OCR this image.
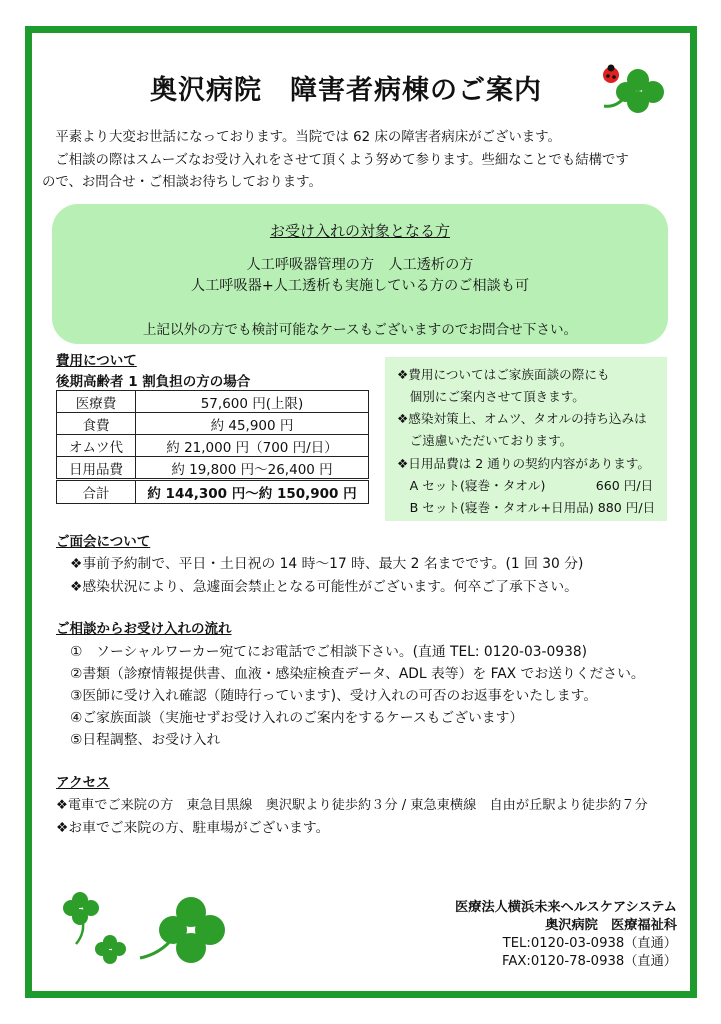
奥沢病院　障害者病棟のご案内
　平素より大変お世話になっております。当院では 62 床の障害者病床がございます。
　ご相談の際はスムーズなお受け入れをさせて頂くよう努めて参ります。些細なことでも結構です
ので、お問合せ・ご相談お待ちしております。
お受け入れの対象となる方
人工呼吸器管理の方　人工透析の方
人工呼吸器+人工透析も実施している方のご相談も可
上記以外の方でも検討可能なケースもございますのでお問合せ下さい。
費用について
後期高齢者 1 割負担の方の場合
医療費	57,600 円(上限)
食費	約 45,900 円
オムツ代	約 21,000 円（700 円/日）
日用品費	約 19,800 円〜26,400 円
合計	約 144,300 円〜約 150,900 円
❖費用についてはご家族面談の際にも
　個別にご案内させて頂きます。
❖感染対策上、オムツ、タオルの持ち込みは
　ご遠慮いただいております。
❖日用品費は 2 通りの契約内容があります。
　A セット(寝巻・タオル)　　　　660 円/日
　B セット(寝巻・タオル+日用品) 880 円/日
ご面会について
❖事前予約制で、平日・土日祝の 14 時〜17 時、最大 2 名までです。(1 回 30 分)
❖感染状況により、急遽面会禁止となる可能性がございます。何卒ご了承下さい。
ご相談からお受け入れの流れ
①　ソーシャルワーカー宛てにお電話でご相談下さい。(直通 TEL: 0120-03-0938)
②書類（診療情報提供書、血液・感染症検査データ、ADL 表等）を FAX でお送りください。
③医師に受け入れ確認（随時行っています)、受け入れの可否のお返事をいたします。
④ご家族面談（実施せずお受け入れのご案内をするケースもございます）
⑤日程調整、お受け入れ
アクセス
❖電車でご来院の方　東急目黒線　奥沢駅より徒歩約３分 / 東急東横線　自由が丘駅より徒歩約７分
❖お車でご来院の方、駐車場がございます。
医療法人横浜未来ヘルスケアシステム
奥沢病院　医療福祉科
TEL:0120-03-0938（直通）
FAX:0120-78-0938（直通）
